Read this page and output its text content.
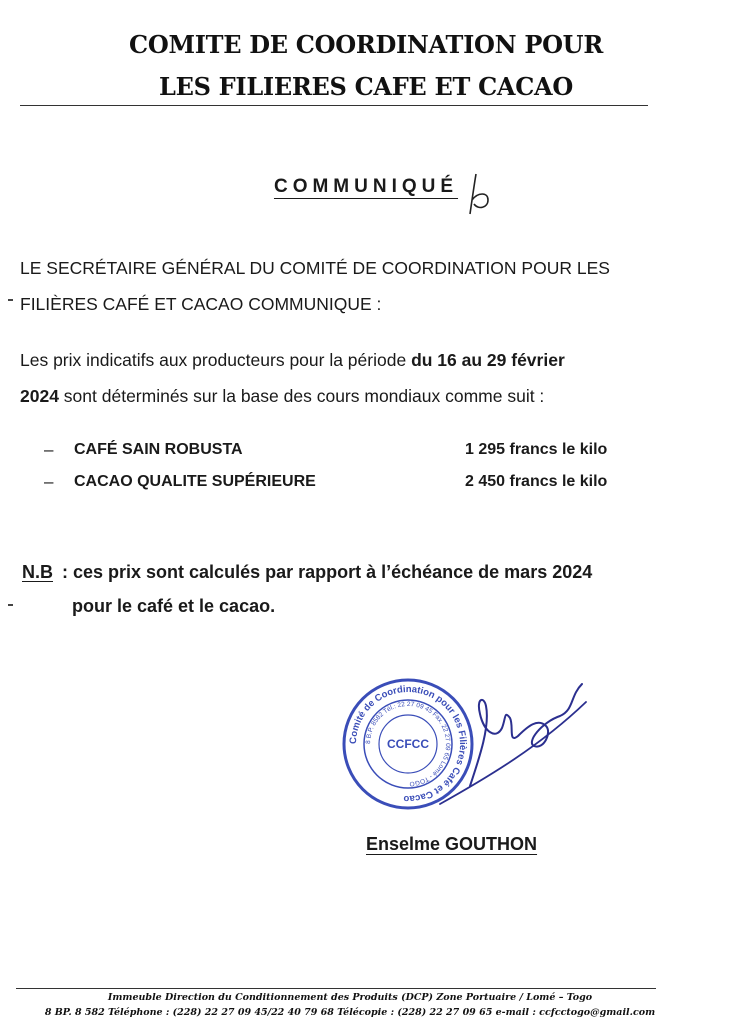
COMITE DE COORDINATION POUR
LES FILIERES CAFE ET CACAO
COMMUNIQUÉ
LE SECRÉTAIRE GÉNÉRAL DU COMITÉ DE COORDINATION POUR LES
FILIÈRES CAFÉ ET CACAO COMMUNIQUE :
Les prix indicatifs aux producteurs pour la période du 16 au 29 février
2024 sont déterminés sur la base des cours mondiaux comme suit :
– CAFÉ SAIN ROBUSTA	1 295 francs le kilo
– CACAO QUALITE SUPÉRIEURE	2 450 francs le kilo
N.B : ces prix sont calculés par rapport à l’échéance de mars 2024
pour le café et le cacao.
Comité de Coordination pour les Filières Café et Cacao
8 B.P. 8582 Tél.: 22 27 09 45 Fax. 22 27 09 65 Lomé - TOGO
CCFCC
Enselme GOUTHON
Immeuble Direction du Conditionnement des Produits (DCP) Zone Portuaire / Lomé – Togo
8 BP. 8 582 Téléphone : (228) 22 27 09 45/22 40 79 68 Télécopie : (228) 22 27 09 65 e-mail : ccfcctogo@gmail.com
